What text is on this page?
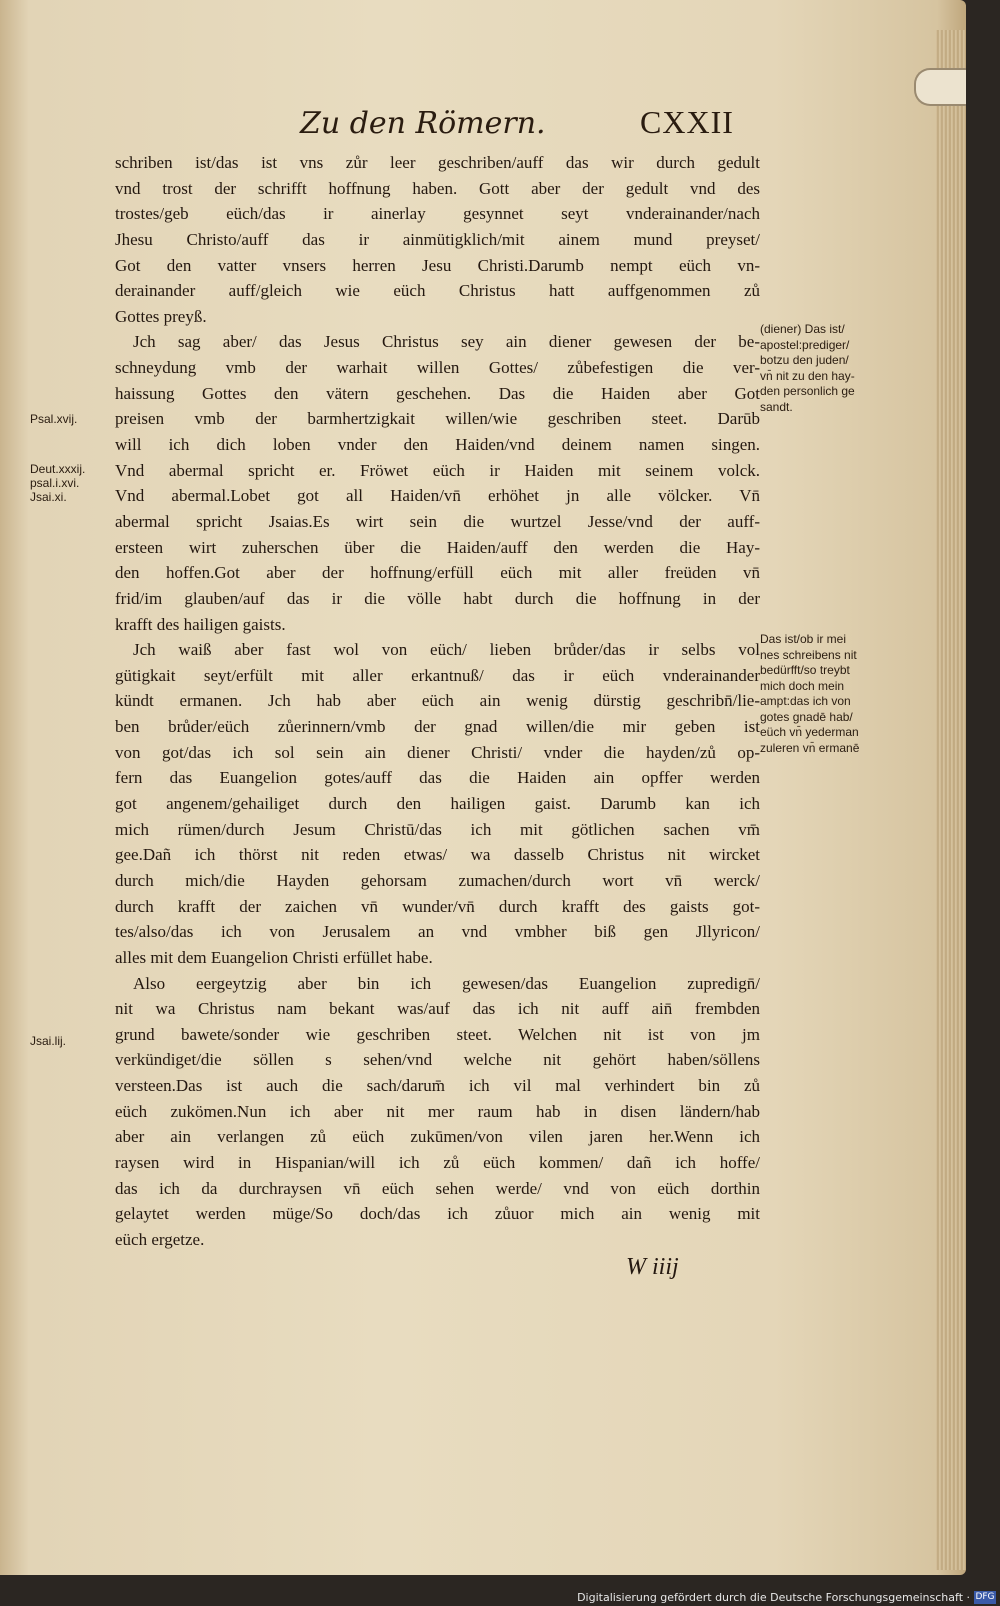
Zu den Römern.	CXXII
schriben ist/das ist vns zůr leer geschriben/auff das wir durch gedult
vnd trost der schrifft hoffnung haben. Gott aber der gedult vnd des
trostes/geb eüch/das ir ainerlay gesynnet seyt vnderainander/nach
Jhesu Christo/auff das ir ainmütigklich/mit ainem mund preyset/
Got den vatter vnsers herren Jesu Christi.Darumb nempt eüch vn-
derainander auff/gleich wie eüch Christus hatt auffgenommen zů
Gottes preyß.
Jch sag aber/ das Jesus Christus sey ain diener gewesen der be-
schneydung vmb der warhait willen Gottes/ zůbefestigen die ver-
haissung Gottes den vätern geschehen. Das die Haiden aber Got
preisen vmb der barmhertzigkait willen/wie geschriben steet. Darūb
will ich dich loben vnder den Haiden/vnd deinem namen singen.
Vnd abermal spricht er. Fröwet eüch ir Haiden mit seinem volck.
Vnd abermal.Lobet got all Haiden/vn̄ erhöhet jn alle völcker. Vn̄
abermal spricht Jsaias.Es wirt sein die wurtzel Jesse/vnd der auff-
ersteen wirt zuherschen über die Haiden/auff den werden die Hay-
den hoffen.Got aber der hoffnung/erfüll eüch mit aller freüden vn̄
frid/im glauben/auf das ir die völle habt durch die hoffnung in der
krafft des hailigen gaists.
Jch waiß aber fast wol von eüch/ lieben brůder/das ir selbs vol
gütigkait seyt/erfült mit aller erkantnuß/ das ir eüch vnderainander
kündt ermanen. Jch hab aber eüch ain wenig dürstig geschribn̄/lie-
ben brůder/eüch zůerinnern/vmb der gnad willen/die mir geben ist
von got/das ich sol sein ain diener Christi/ vnder die hayden/zů op-
fern das Euangelion gotes/auff das die Haiden ain opffer werden
got angenem/gehailiget durch den hailigen gaist. Darumb kan ich
mich rümen/durch Jesum Christū/das ich mit götlichen sachen vm̄
gee.Dañ ich thörst nit reden etwas/ wa dasselb Christus nit wircket
durch mich/die Hayden gehorsam zumachen/durch wort vn̄ werck/
durch krafft der zaichen vn̄ wunder/vn̄ durch krafft des gaists got-
tes/also/das ich von Jerusalem an vnd vmbher biß gen Jllyricon/
alles mit dem Euangelion Christi erfüllet habe.
Also eergeytzig aber bin ich gewesen/das Euangelion zupredign̄/
nit wa Christus nam bekant was/auf das ich nit auff ain̄ frembden
grund bawete/sonder wie geschriben steet. Welchen nit ist von jm
verkündiget/die söllen s sehen/vnd welche nit gehört haben/söllens
versteen.Das ist auch die sach/darum̄ ich vil mal verhindert bin zů
eüch zukömen.Nun ich aber nit mer raum hab in disen ländern/hab
aber ain verlangen zů eüch zukūmen/von vilen jaren her.Wenn ich
raysen wird in Hispanian/will ich zů eüch kommen/ dañ ich hoffe/
das ich da durchraysen vn̄ eüch sehen werde/ vnd von eüch dorthin
gelaytet werden müge/So doch/das ich zůuor mich ain wenig mit
eüch ergetze.
Psal.xvij.
Deut.xxxij.
psal.i.xvi.
Jsai.xi.
Jsai.lij.
(diener) Das ist/
apostel:prediger/
botzu den juden/
vn̄ nit zu den hay-
den personlich ge
sandt.
Das ist/ob ir mei
nes schreibens nit
bedürfft/so treybt
mich doch mein
ampt:das ich von
gotes gnadē hab/
eüch vn̄ yederman
zuleren vn̄ ermanē
W iiij
Digitalisierung gefördert durch die Deutsche Forschungsgemeinschaft · DFG
